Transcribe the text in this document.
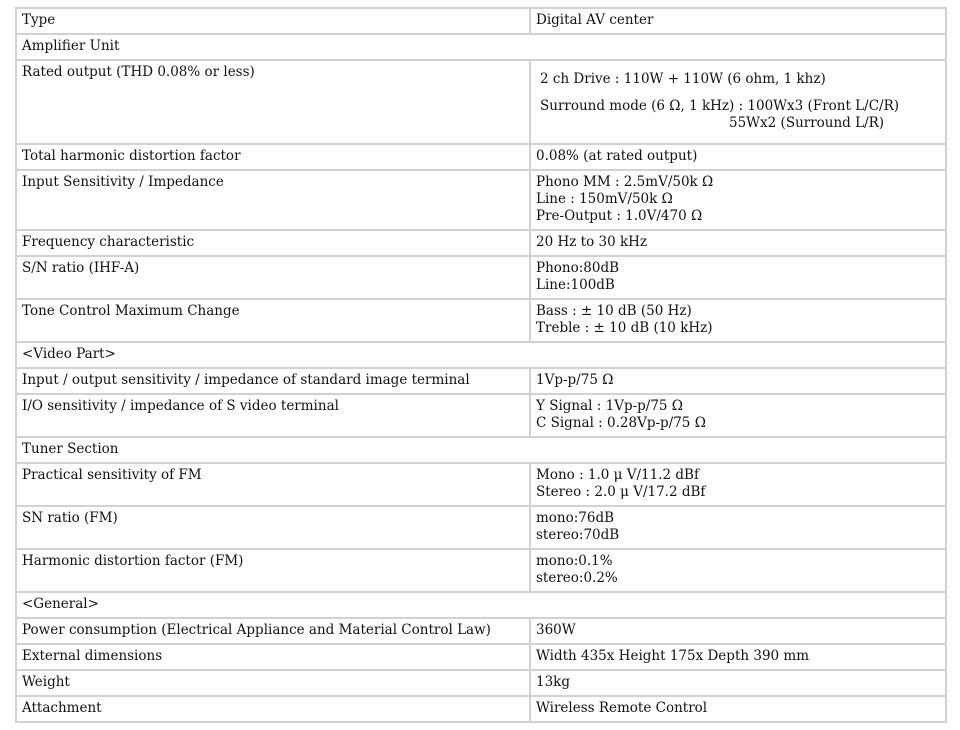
Type	Digital AV center

Amplifier Unit	
Rated output (THD 0.08% or less)	2 ch Drive : 110W + 110W (6 ohm, 1 khz)
Surround mode (6 Ω, 1 kHz) : 100Wx3 (Front L/C/R)
55Wx2 (Surround L/R)

Total harmonic distortion factor	0.08% (at rated output)

Input Sensitivity / Impedance	Phono MM : 2.5mV/50k Ω
Line : 150mV/50k Ω
Pre-Output : 1.0V/470 Ω

Frequency characteristic	20 Hz to 30 kHz

S/N ratio (IHF-A)	Phono:80dB
Line:100dB

Tone Control Maximum Change	Bass : ± 10 dB (50 Hz)
Treble : ± 10 dB (10 kHz)

<Video Part>	
Input / output sensitivity / impedance of standard image terminal	1Vp-p/75 Ω

I/O sensitivity / impedance of S video terminal	Y Signal : 1Vp-p/75 Ω
C Signal : 0.28Vp-p/75 Ω

Tuner Section	
Practical sensitivity of FM	Mono : 1.0 μ V/11.2 dBf
Stereo : 2.0 μ V/17.2 dBf

SN ratio (FM)	mono:76dB
stereo:70dB

Harmonic distortion factor (FM)	mono:0.1%
stereo:0.2%

<General>	
Power consumption (Electrical Appliance and Material Control Law)	360W

External dimensions	Width 435x Height 175x Depth 390 mm

Weight	13kg

Attachment	Wireless Remote Control
